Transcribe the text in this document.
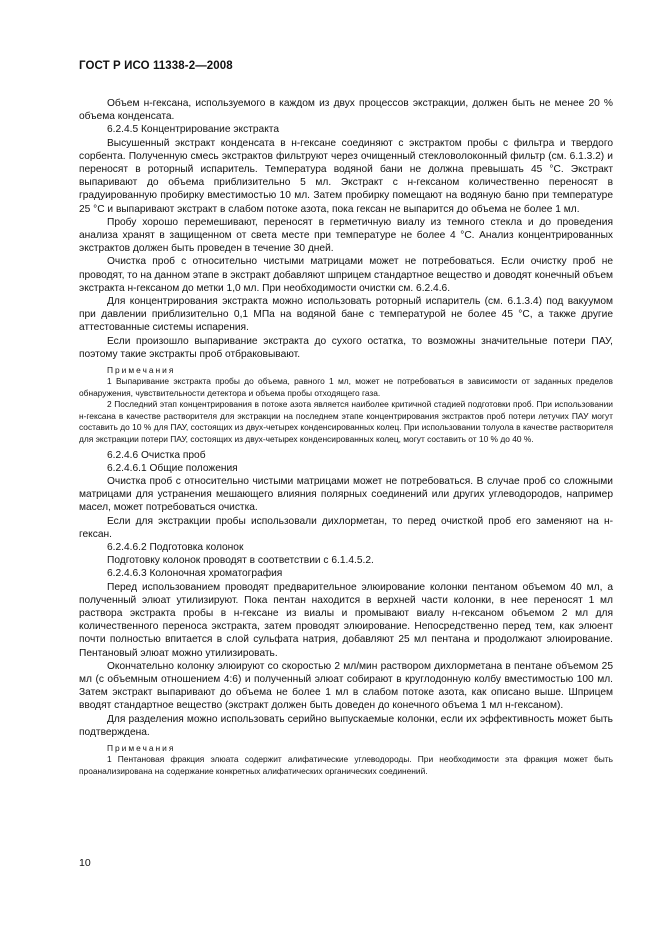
ГОСТ Р ИСО 11338-2—2008

Объем н-гексана, используемого в каждом из двух процессов экстракции, должен быть не менее 20 % объема конденсата.

6.2.4.5 Концентрирование экстракта

Высушенный экстракт конденсата в н-гексане соединяют с экстрактом пробы с фильтра и твердого сорбента. Полученную смесь экстрактов фильтруют через очищенный стекловолоконный фильтр (см. 6.1.3.2) и переносят в роторный испаритель. Температура водяной бани не должна превышать 45 °С. Экстракт выпаривают до объема приблизительно 5 мл. Экстракт с н-гексаном количественно переносят в градуированную пробирку вместимостью 10 мл. Затем пробирку помещают на водяную баню при температуре 25 °С и выпаривают экстракт в слабом потоке азота, пока гексан не выпарится до объема не более 1 мл.

Пробу хорошо перемешивают, переносят в герметичную виалу из темного стекла и до проведения анализа хранят в защищенном от света месте при температуре не более 4 °С. Анализ концентрированных экстрактов должен быть проведен в течение 30 дней.

Очистка проб с относительно чистыми матрицами может не потребоваться. Если очистку проб не проводят, то на данном этапе в экстракт добавляют шприцем стандартное вещество и доводят конечный объем экстракта н-гексаном до метки 1,0 мл. При необходимости очистки см. 6.2.4.6.

Для концентрирования экстракта можно использовать роторный испаритель (см. 6.1.3.4) под вакуумом при давлении приблизительно 0,1 МПа на водяной бане с температурой не более 45 °С, а также другие аттестованные системы испарения.

Если произошло выпаривание экстракта до сухого остатка, то возможны значительные потери ПАУ, поэтому такие экстракты проб отбраковывают.

Примечания

1 Выпаривание экстракта пробы до объема, равного 1 мл, может не потребоваться в зависимости от заданных пределов обнаружения, чувствительности детектора и объема пробы отходящего газа.

2 Последний этап концентрирования в потоке азота является наиболее критичной стадией подготовки проб. При использовании н-гексана в качестве растворителя для экстракции на последнем этапе концентрирования экстрактов проб потери летучих ПАУ могут составить до 10 % для ПАУ, состоящих из двух-четырех конденсированных колец. При использовании толуола в качестве растворителя для экстракции потери ПАУ, состоящих из двух-четырех конденсированных колец, могут составить от 10 % до 40 %.

6.2.4.6 Очистка проб

6.2.4.6.1 Общие положения

Очистка проб с относительно чистыми матрицами может не потребоваться. В случае проб со сложными матрицами для устранения мешающего влияния полярных соединений или других углеводородов, например масел, может потребоваться очистка.

Если для экстракции пробы использовали дихлорметан, то перед очисткой проб его заменяют на н-гексан.

6.2.4.6.2 Подготовка колонок

Подготовку колонок проводят в соответствии с 6.1.4.5.2.

6.2.4.6.3 Колоночная хроматография

Перед использованием проводят предварительное элюирование колонки пентаном объемом 40 мл, а полученный элюат утилизируют. Пока пентан находится в верхней части колонки, в нее переносят 1 мл раствора экстракта пробы в н-гексане из виалы и промывают виалу н-гексаном объемом 2 мл для количественного переноса экстракта, затем проводят элюирование. Непосредственно перед тем, как элюент почти полностью впитается в слой сульфата натрия, добавляют 25 мл пентана и продолжают элюирование. Пентановый элюат можно утилизировать.

Окончательно колонку элюируют со скоростью 2 мл/мин раствором дихлорметана в пентане объемом 25 мл (с объемным отношением 4:6) и полученный элюат собирают в круглодонную колбу вместимостью 100 мл. Затем экстракт выпаривают до объема не более 1 мл в слабом потоке азота, как описано выше. Шприцем вводят стандартное вещество (экстракт должен быть доведен до конечного объема 1 мл н-гексаном).

Для разделения можно использовать серийно выпускаемые колонки, если их эффективность может быть подтверждена.

Примечания

1 Пентановая фракция элюата содержит алифатические углеводороды. При необходимости эта фракция может быть проанализирована на содержание конкретных алифатических органических соединений.

10
